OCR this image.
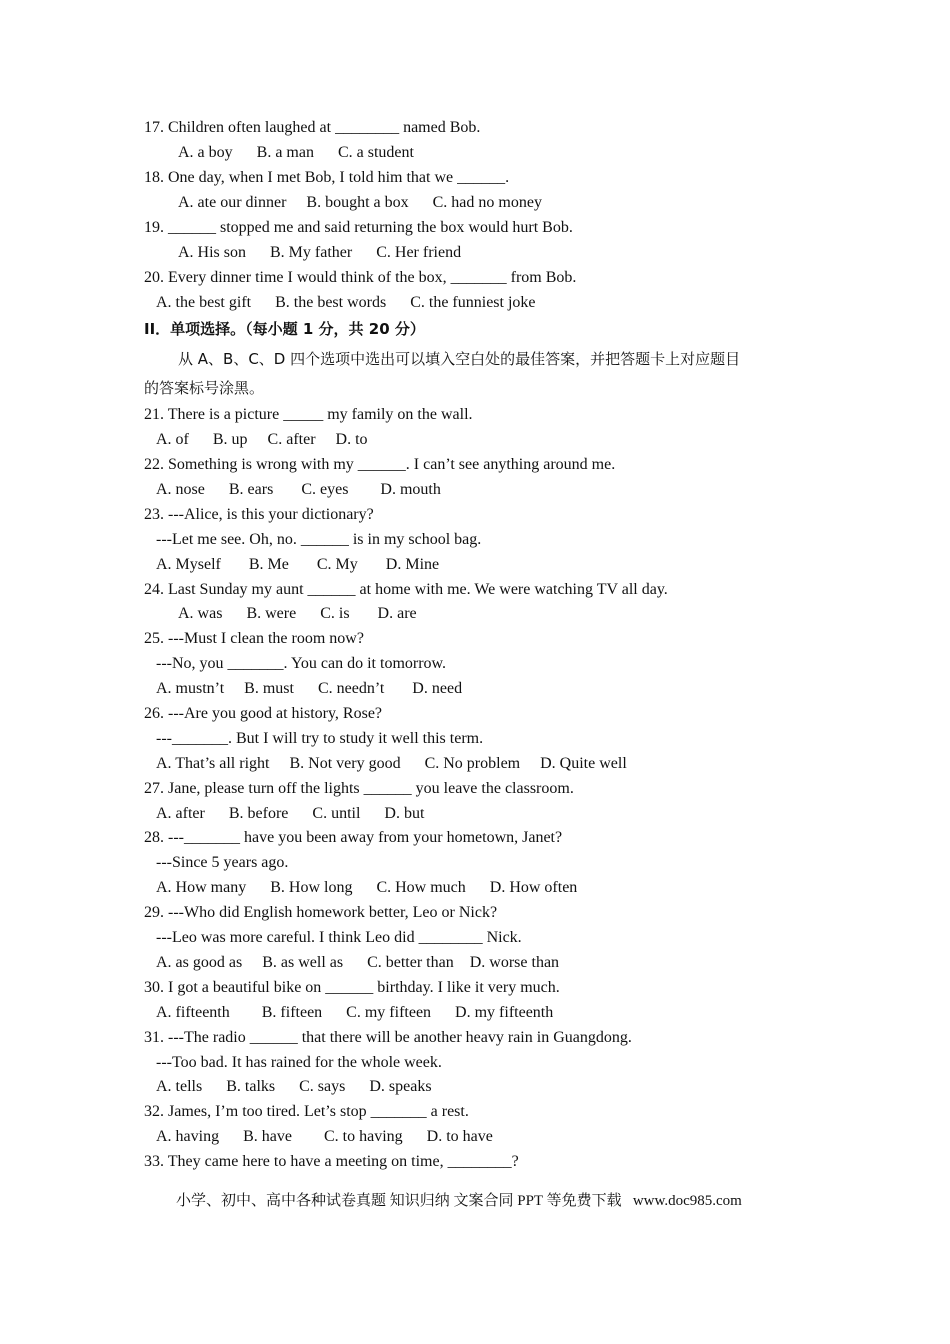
17. Children often laughed at ________ named Bob.
A. a boy      B. a man      C. a student
18. One day, when I met Bob, I told him that we ______.
A. ate our dinner     B. bought a box      C. had no money
19. ______ stopped me and said returning the box would hurt Bob.
A. His son      B. My father      C. Her friend
20. Every dinner time I would think of the box, _______ from Bob.
A. the best gift      B. the best words      C. the funniest joke
II．单项选择。（每小题 1 分，共 20 分）
从 A、B、C、D 四个选项中选出可以填入空白处的最佳答案，并把答题卡上对应题目
的答案标号涂黑。
21. There is a picture _____ my family on the wall.
A. of      B. up     C. after     D. to
22. Something is wrong with my ______. I can’t see anything around me.
A. nose      B. ears       C. eyes        D. mouth
23. ---Alice, is this your dictionary?
---Let me see. Oh, no. ______ is in my school bag.
A. Myself       B. Me       C. My       D. Mine
24. Last Sunday my aunt ______ at home with me. We were watching TV all day.
A. was      B. were      C. is       D. are
25. ---Must I clean the room now?
---No, you _______. You can do it tomorrow.
A. mustn’t     B. must      C. needn’t       D. need
26. ---Are you good at history, Rose?
---_______. But I will try to study it well this term.
A. That’s all right     B. Not very good      C. No problem     D. Quite well
27. Jane, please turn off the lights ______ you leave the classroom.
A. after      B. before      C. until      D. but
28. ---_______ have you been away from your hometown, Janet?
---Since 5 years ago.
A. How many      B. How long      C. How much      D. How often
29. ---Who did English homework better, Leo or Nick?
---Leo was more careful. I think Leo did ________ Nick.
A. as good as     B. as well as      C. better than    D. worse than
30. I got a beautiful bike on ______ birthday. I like it very much.
A. fifteenth        B. fifteen      C. my fifteen      D. my fifteenth
31. ---The radio ______ that there will be another heavy rain in Guangdong.
---Too bad. It has rained for the whole week.
A. tells      B. talks      C. says      D. speaks
32. James, I’m too tired. Let’s stop _______ a rest.
A. having      B. have        C. to having      D. to have
33. They came here to have a meeting on time, ________?
小学、初中、高中各种试卷真题 知识归纳 文案合同 PPT 等免费下载   www.doc985.com
